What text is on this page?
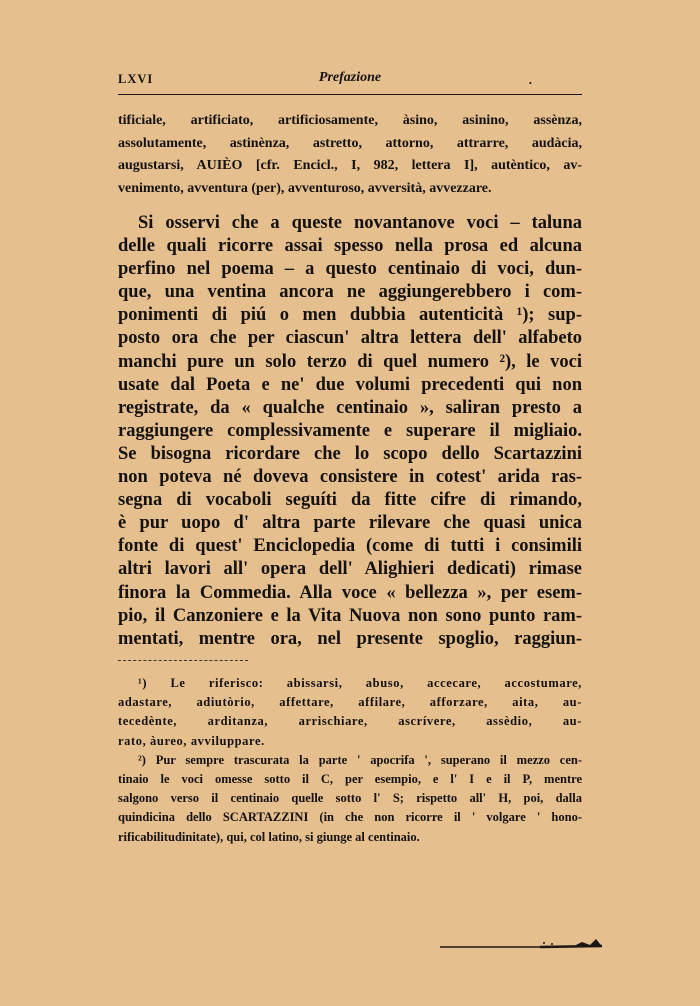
LXVI	Prefazione	.
tificiale, artificiato, artificiosamente, àsino, asinino, assènza,
assolutamente, astinènza, astretto, attorno, attrarre, audàcia,
augustarsi, AUIÈO [cfr. Encicl., I, 982, lettera I], autèntico, av-
venimento, avventura (per), avventuroso, avversità, avvezzare.
Si osservi che a queste novantanove voci – taluna
delle quali ricorre assai spesso nella prosa ed alcuna
perfino nel poema – a questo centinaio di voci, dun-
que, una ventina ancora ne aggiungerebbero i com-
ponimenti di piú o men dubbia autenticità ¹); sup-
posto ora che per ciascun' altra lettera dell' alfabeto
manchi pure un solo terzo di quel numero ²), le voci
usate dal Poeta e ne' due volumi precedenti qui non
registrate, da « qualche centinaio », saliran presto a
raggiungere complessivamente e superare il migliaio.
Se bisogna ricordare che lo scopo dello Scartazzini
non poteva né doveva consistere in cotest' arida ras-
segna di vocaboli seguíti da fitte cifre di rimando,
è pur uopo d' altra parte rilevare che quasi unica
fonte di quest' Enciclopedia (come di tutti i consimili
altri lavori all' opera dell' Alighieri dedicati) rimase
finora la Commedia. Alla voce « bellezza », per esem-
pio, il Canzoniere e la Vita Nuova non sono punto ram-
mentati, mentre ora, nel presente spoglio, raggiun-
¹) Le riferisco: abissarsi, abuso, accecare, accostumare,
adastare, adiutòrio, affettare, affilare, afforzare, aita, au-
tecedènte, arditanza, arrischiare, ascrívere, assèdio, au-
rato, àureo, avviluppare.
²) Pur sempre trascurata la parte ' apocrifa ', superano il mezzo cen-
tinaio le voci omesse sotto il C, per esempio, e l' I e il P, mentre
salgono verso il centinaio quelle sotto l' S; rispetto all' H, poi, dalla
quindicina dello SCARTAZZINI (in che non ricorre il ' volgare ' hono-
rificabilitudinitate), qui, col latino, si giunge al centinaio.
